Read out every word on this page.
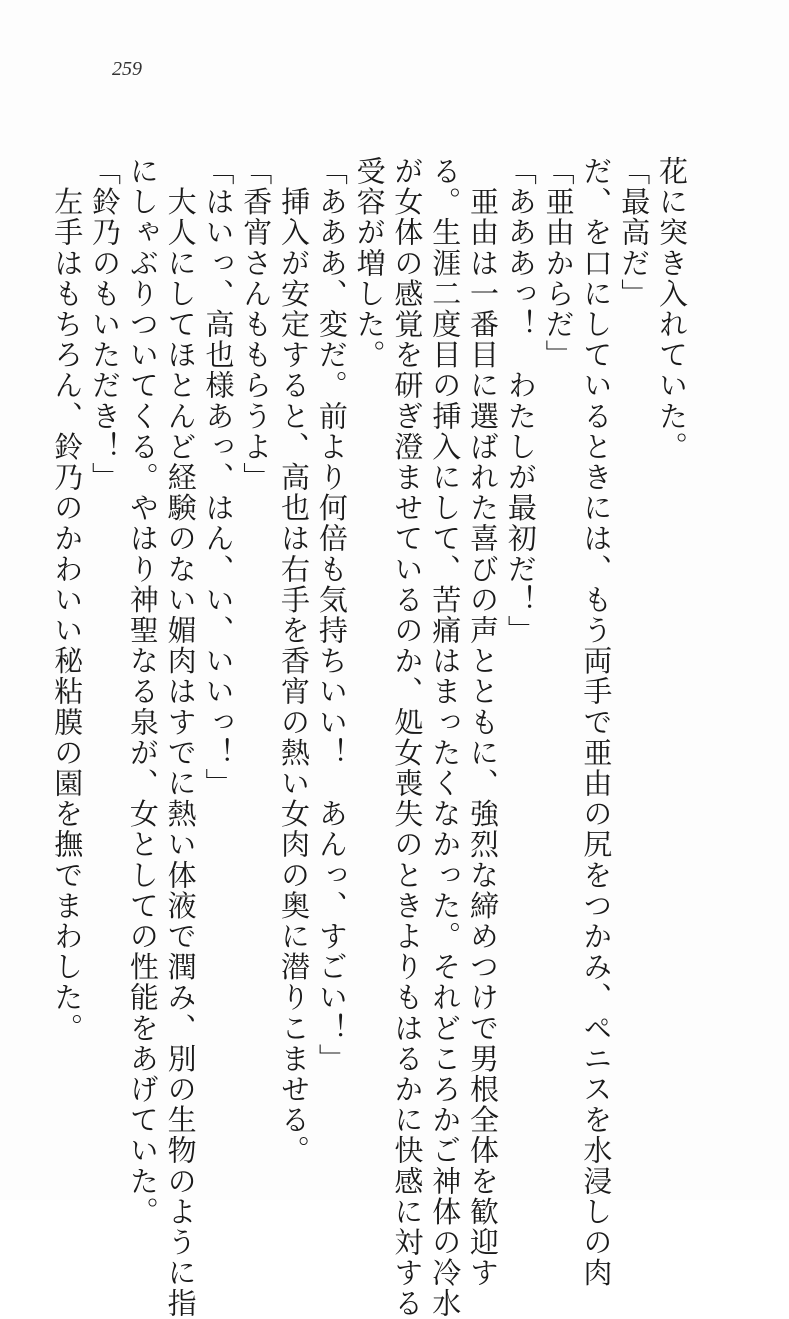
259
花に突き入れていた。
「最高だ」
だ、を口にしているときには、もう両手で亜由の尻をつかみ、ペニスを水浸しの肉
「亜由からだ」
「あああっ！　わたしが最初だ！」
　亜由は一番目に選ばれた喜びの声とともに、強烈な締めつけで男根全体を歓迎す
る。生涯二度目の挿入にして、苦痛はまったくなかった。それどころかご神体の冷水
が女体の感覚を研ぎ澄ませているのか、処女喪失のときよりもはるかに快感に対する
受容が増した。
「あああ、変だ。前より何倍も気持ちいい！　あんっ、すごい！」
　挿入が安定すると、高也は右手を香宵の熱い女肉の奥に潜りこませる。
「香宵さんももらうよ」
「はいっ、高也様あっ、はん、い、いいっ！」
　大人にしてほとんど経験のない媚肉はすでに熱い体液で潤み、別の生物のように指
にしゃぶりついてくる。やはり神聖なる泉が、女としての性能をあげていた。
「鈴乃のもいただき！」
　左手はもちろん、鈴乃のかわいい秘粘膜の園を撫でまわした。
